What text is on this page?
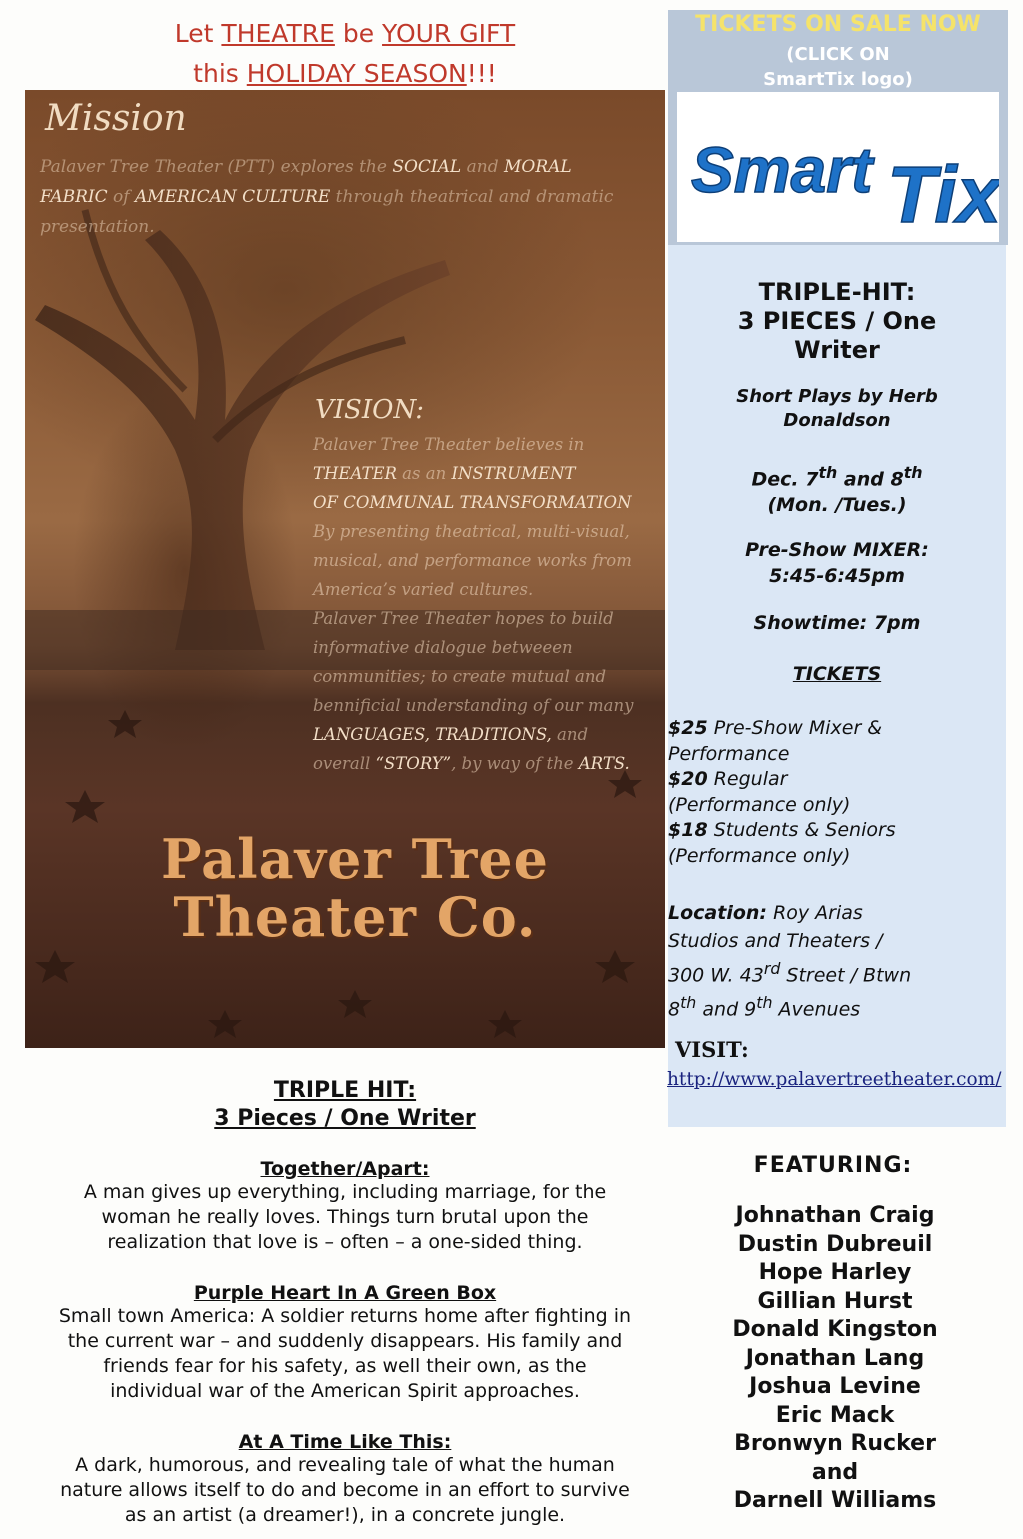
Let THEATRE be YOUR GIFT
this HOLIDAY SEASON!!!
Mission
Palaver Tree Theater (PTT) explores the SOCIAL and MORAL FABRIC of AMERICAN CULTURE through theatrical and dramatic presentation.
VISION:
Palaver Tree Theater believes in
THEATER as an INSTRUMENT
OF COMMUNAL TRANSFORMATION
By presenting theatrical, multi-visual,
musical, and performance works from
America’s varied cultures.
Palaver Tree Theater hopes to build
informative dialogue betweeen
communities; to create mutual and
bennificial understanding of our many
LANGUAGES, TRADITIONS, and
overall “STORY”, by way of the ARTS.
Palaver Tree
Theater Co.
TICKETS ON SALE NOW
(CLICK ON
SmartTix logo)
Smart Tix
TRIPLE-HIT:
3 PIECES / One
Writer
Short Plays by Herb
Donaldson
Dec. 7th and 8th
(Mon. /Tues.)
Pre-Show MIXER:
5:45-6:45pm
Showtime: 7pm
TICKETS
$25 Pre-Show Mixer &
Performance
$20 Regular
(Performance only)
$18 Students & Seniors
(Performance only)
Location: Roy Arias
Studios and Theaters /
300 W. 43rd Street / Btwn
8th and 9th Avenues
VISIT:
http://www.palavertreetheater.com/
TRIPLE HIT:
3 Pieces / One Writer
Together/Apart:
A man gives up everything, including marriage, for the
woman he really loves. Things turn brutal upon the
realization that love is – often – a one-sided thing.
Purple Heart In A Green Box
Small town America: A soldier returns home after fighting in
the current war – and suddenly disappears. His family and
friends fear for his safety, as well their own, as the
individual war of the American Spirit approaches.
At A Time Like This:
A dark, humorous, and revealing tale of what the human
nature allows itself to do and become in an effort to survive
as an artist (a dreamer!), in a concrete jungle.
FEATURING:
Johnathan Craig
Dustin Dubreuil
Hope Harley
Gillian Hurst
Donald Kingston
Jonathan Lang
Joshua Levine
Eric Mack
Bronwyn Rucker
and
Darnell Williams
